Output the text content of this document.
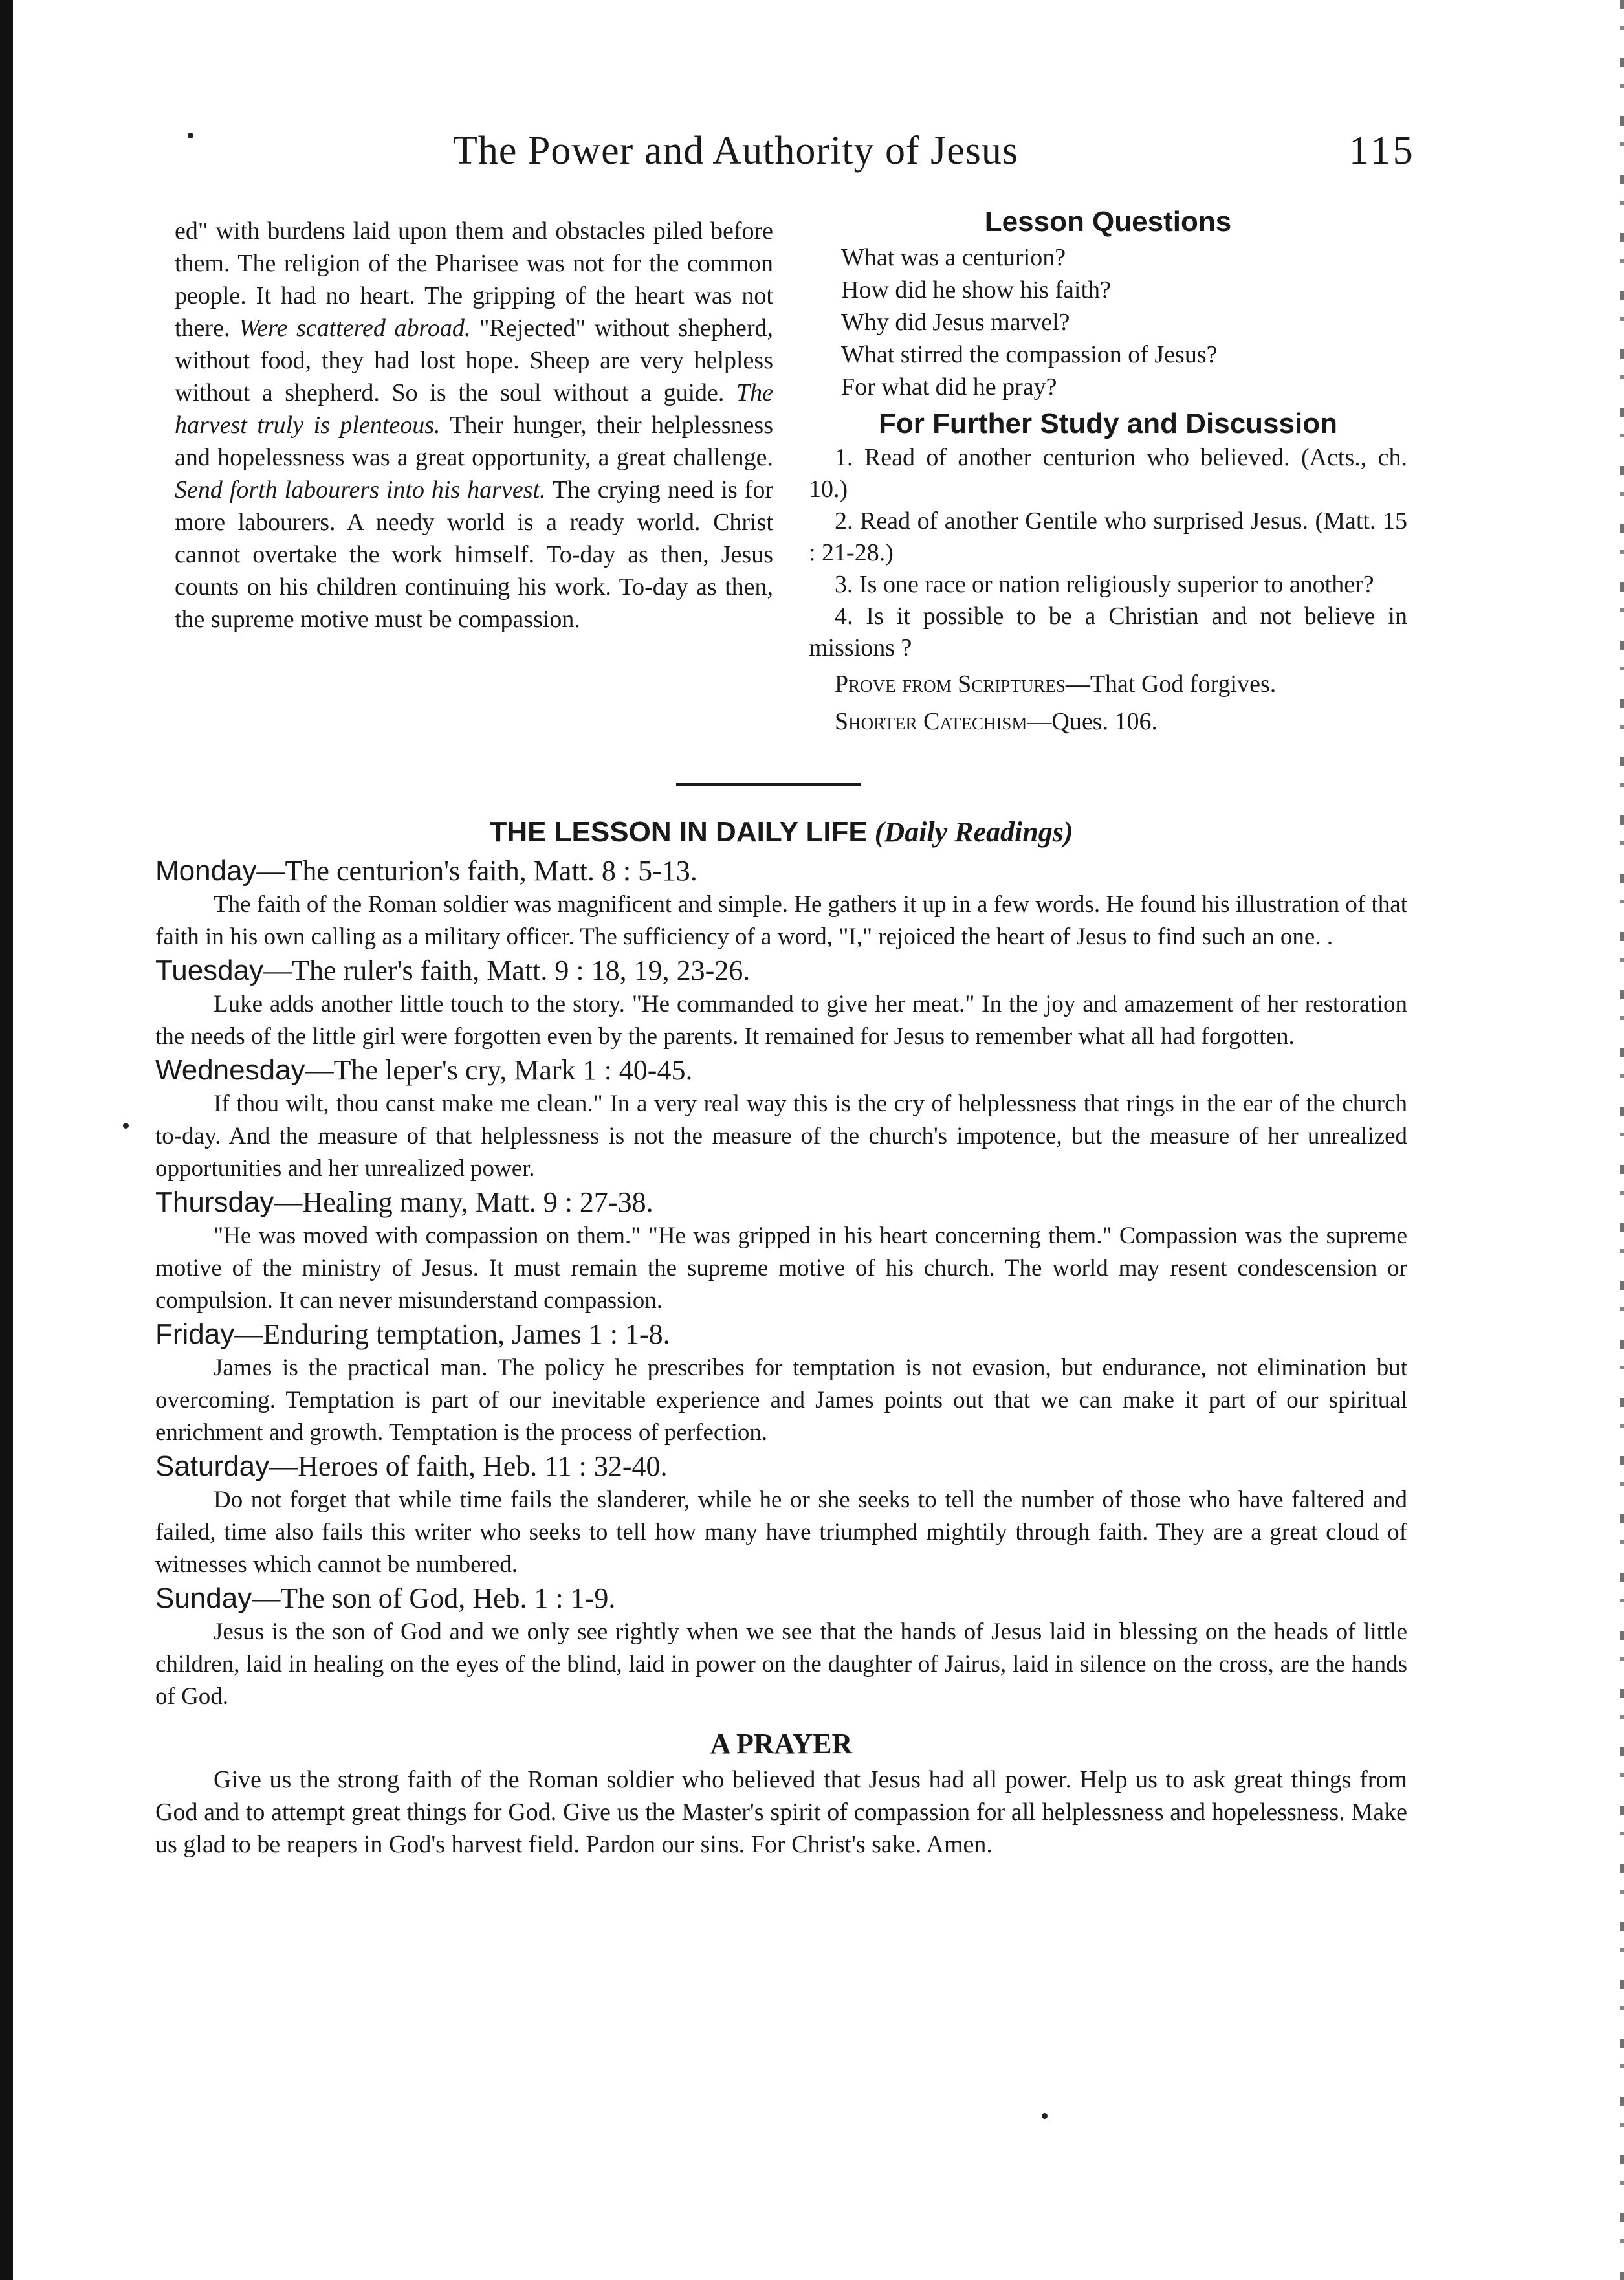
The Power and Authority of Jesus	115

ed" with burdens laid upon them and obstacles piled before them. The religion of the Pharisee was not for the common people. It had no heart. The gripping of the heart was not there. Were scattered abroad. "Rejected" without shepherd, without food, they had lost hope. Sheep are very helpless without a shepherd. So is the soul without a guide. The harvest truly is plenteous. Their hunger, their helplessness and hopelessness was a great opportunity, a great challenge. Send forth labourers into his harvest. The crying need is for more labourers. A needy world is a ready world. Christ cannot overtake the work himself. To-day as then, Jesus counts on his children continuing his work. To-day as then, the supreme motive must be compassion.

Lesson Questions
What was a centurion?
How did he show his faith?
Why did Jesus marvel?
What stirred the compassion of Jesus?
For what did he pray?
For Further Study and Discussion
1. Read of another centurion who believed. (Acts., ch. 10.)
2. Read of another Gentile who surprised Jesus. (Matt. 15 : 21-28.)
3. Is one race or nation religiously superior to another?
4. Is it possible to be a Christian and not believe in missions ?
Prove from Scriptures—That God forgives.
Shorter Catechism—Ques. 106.
THE LESSON IN DAILY LIFE (Daily Readings)

Monday—The centurion's faith, Matt. 8 : 5-13.

The faith of the Roman soldier was magnificent and simple. He gathers it up in a few words. He found his illustration of that faith in his own calling as a military officer. The sufficiency of a word, "I," rejoiced the heart of Jesus to find such an one. .

Tuesday—The ruler's faith, Matt. 9 : 18, 19, 23-26.

Luke adds another little touch to the story. "He commanded to give her meat." In the joy and amazement of her restoration the needs of the little girl were forgotten even by the parents. It remained for Jesus to remember what all had forgotten.

Wednesday—The leper's cry, Mark 1 : 40-45.

If thou wilt, thou canst make me clean." In a very real way this is the cry of helplessness that rings in the ear of the church to-day. And the measure of that helplessness is not the measure of the church's impotence, but the measure of her unrealized opportunities and her unrealized power.

Thursday—Healing many, Matt. 9 : 27-38.

"He was moved with compassion on them." "He was gripped in his heart concerning them." Compassion was the supreme motive of the ministry of Jesus. It must remain the supreme motive of his church. The world may resent condescension or compulsion. It can never misunderstand compassion.

Friday—Enduring temptation, James 1 : 1-8.

James is the practical man. The policy he prescribes for temptation is not evasion, but endurance, not elimination but overcoming. Temptation is part of our inevitable experience and James points out that we can make it part of our spiritual enrichment and growth. Temptation is the process of perfection.

Saturday—Heroes of faith, Heb. 11 : 32-40.

Do not forget that while time fails the slanderer, while he or she seeks to tell the number of those who have faltered and failed, time also fails this writer who seeks to tell how many have triumphed mightily through faith. They are a great cloud of witnesses which cannot be numbered.

Sunday—The son of God, Heb. 1 : 1-9.

Jesus is the son of God and we only see rightly when we see that the hands of Jesus laid in blessing on the heads of little children, laid in healing on the eyes of the blind, laid in power on the daughter of Jairus, laid in silence on the cross, are the hands of God.

A PRAYER

Give us the strong faith of the Roman soldier who believed that Jesus had all power. Help us to ask great things from God and to attempt great things for God. Give us the Master's spirit of compassion for all helplessness and hopelessness. Make us glad to be reapers in God's harvest field. Pardon our sins. For Christ's sake. Amen.
